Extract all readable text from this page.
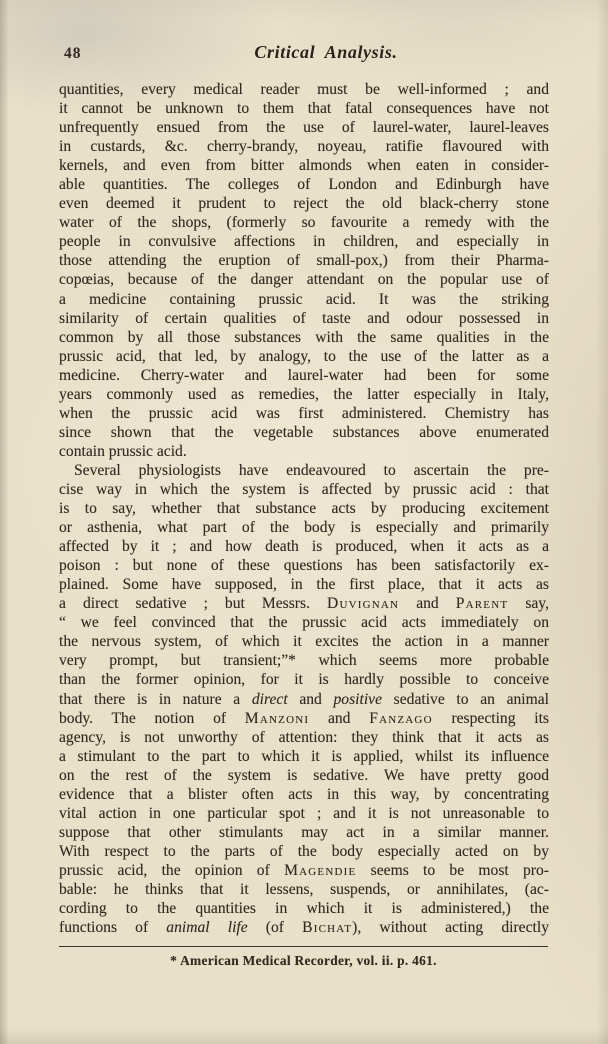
48	Critical Analysis.
quantities, every medical reader must be well-informed ; and
it cannot be unknown to them that fatal consequences have not
unfrequently ensued from the use of laurel-water, laurel-leaves
in custards, &c. cherry-brandy, noyeau, ratifie flavoured with
kernels, and even from bitter almonds when eaten in consider-
able quantities. The colleges of London and Edinburgh have
even deemed it prudent to reject the old black-cherry stone
water of the shops, (formerly so favourite a remedy with the
people in convulsive affections in children, and especially in
those attending the eruption of small-pox,) from their Pharma-
copœias, because of the danger attendant on the popular use of
a medicine containing prussic acid. It was the striking
similarity of certain qualities of taste and odour possessed in
common by all those substances with the same qualities in the
prussic acid, that led, by analogy, to the use of the latter as a
medicine. Cherry-water and laurel-water had been for some
years commonly used as remedies, the latter especially in Italy,
when the prussic acid was first administered. Chemistry has
since shown that the vegetable substances above enumerated
contain prussic acid.
Several physiologists have endeavoured to ascertain the pre-
cise way in which the system is affected by prussic acid : that
is to say, whether that substance acts by producing excitement
or asthenia, what part of the body is especially and primarily
affected by it ; and how death is produced, when it acts as a
poison : but none of these questions has been satisfactorily ex-
plained. Some have supposed, in the first place, that it acts as
a direct sedative ; but Messrs. Duvignan and Parent say,
“ we feel convinced that the prussic acid acts immediately on
the nervous system, of which it excites the action in a manner
very prompt, but transient;”* which seems more probable
than the former opinion, for it is hardly possible to conceive
that there is in nature a direct and positive sedative to an animal
body. The notion of Manzoni and Fanzago respecting its
agency, is not unworthy of attention: they think that it acts as
a stimulant to the part to which it is applied, whilst its influence
on the rest of the system is sedative. We have pretty good
evidence that a blister often acts in this way, by concentrating
vital action in one particular spot ; and it is not unreasonable to
suppose that other stimulants may act in a similar manner.
With respect to the parts of the body especially acted on by
prussic acid, the opinion of Magendie seems to be most pro-
bable: he thinks that it lessens, suspends, or annihilates, (ac-
cording to the quantities in which it is administered,) the
functions of animal life (of Bichat), without acting directly
* American Medical Recorder, vol. ii. p. 461.
